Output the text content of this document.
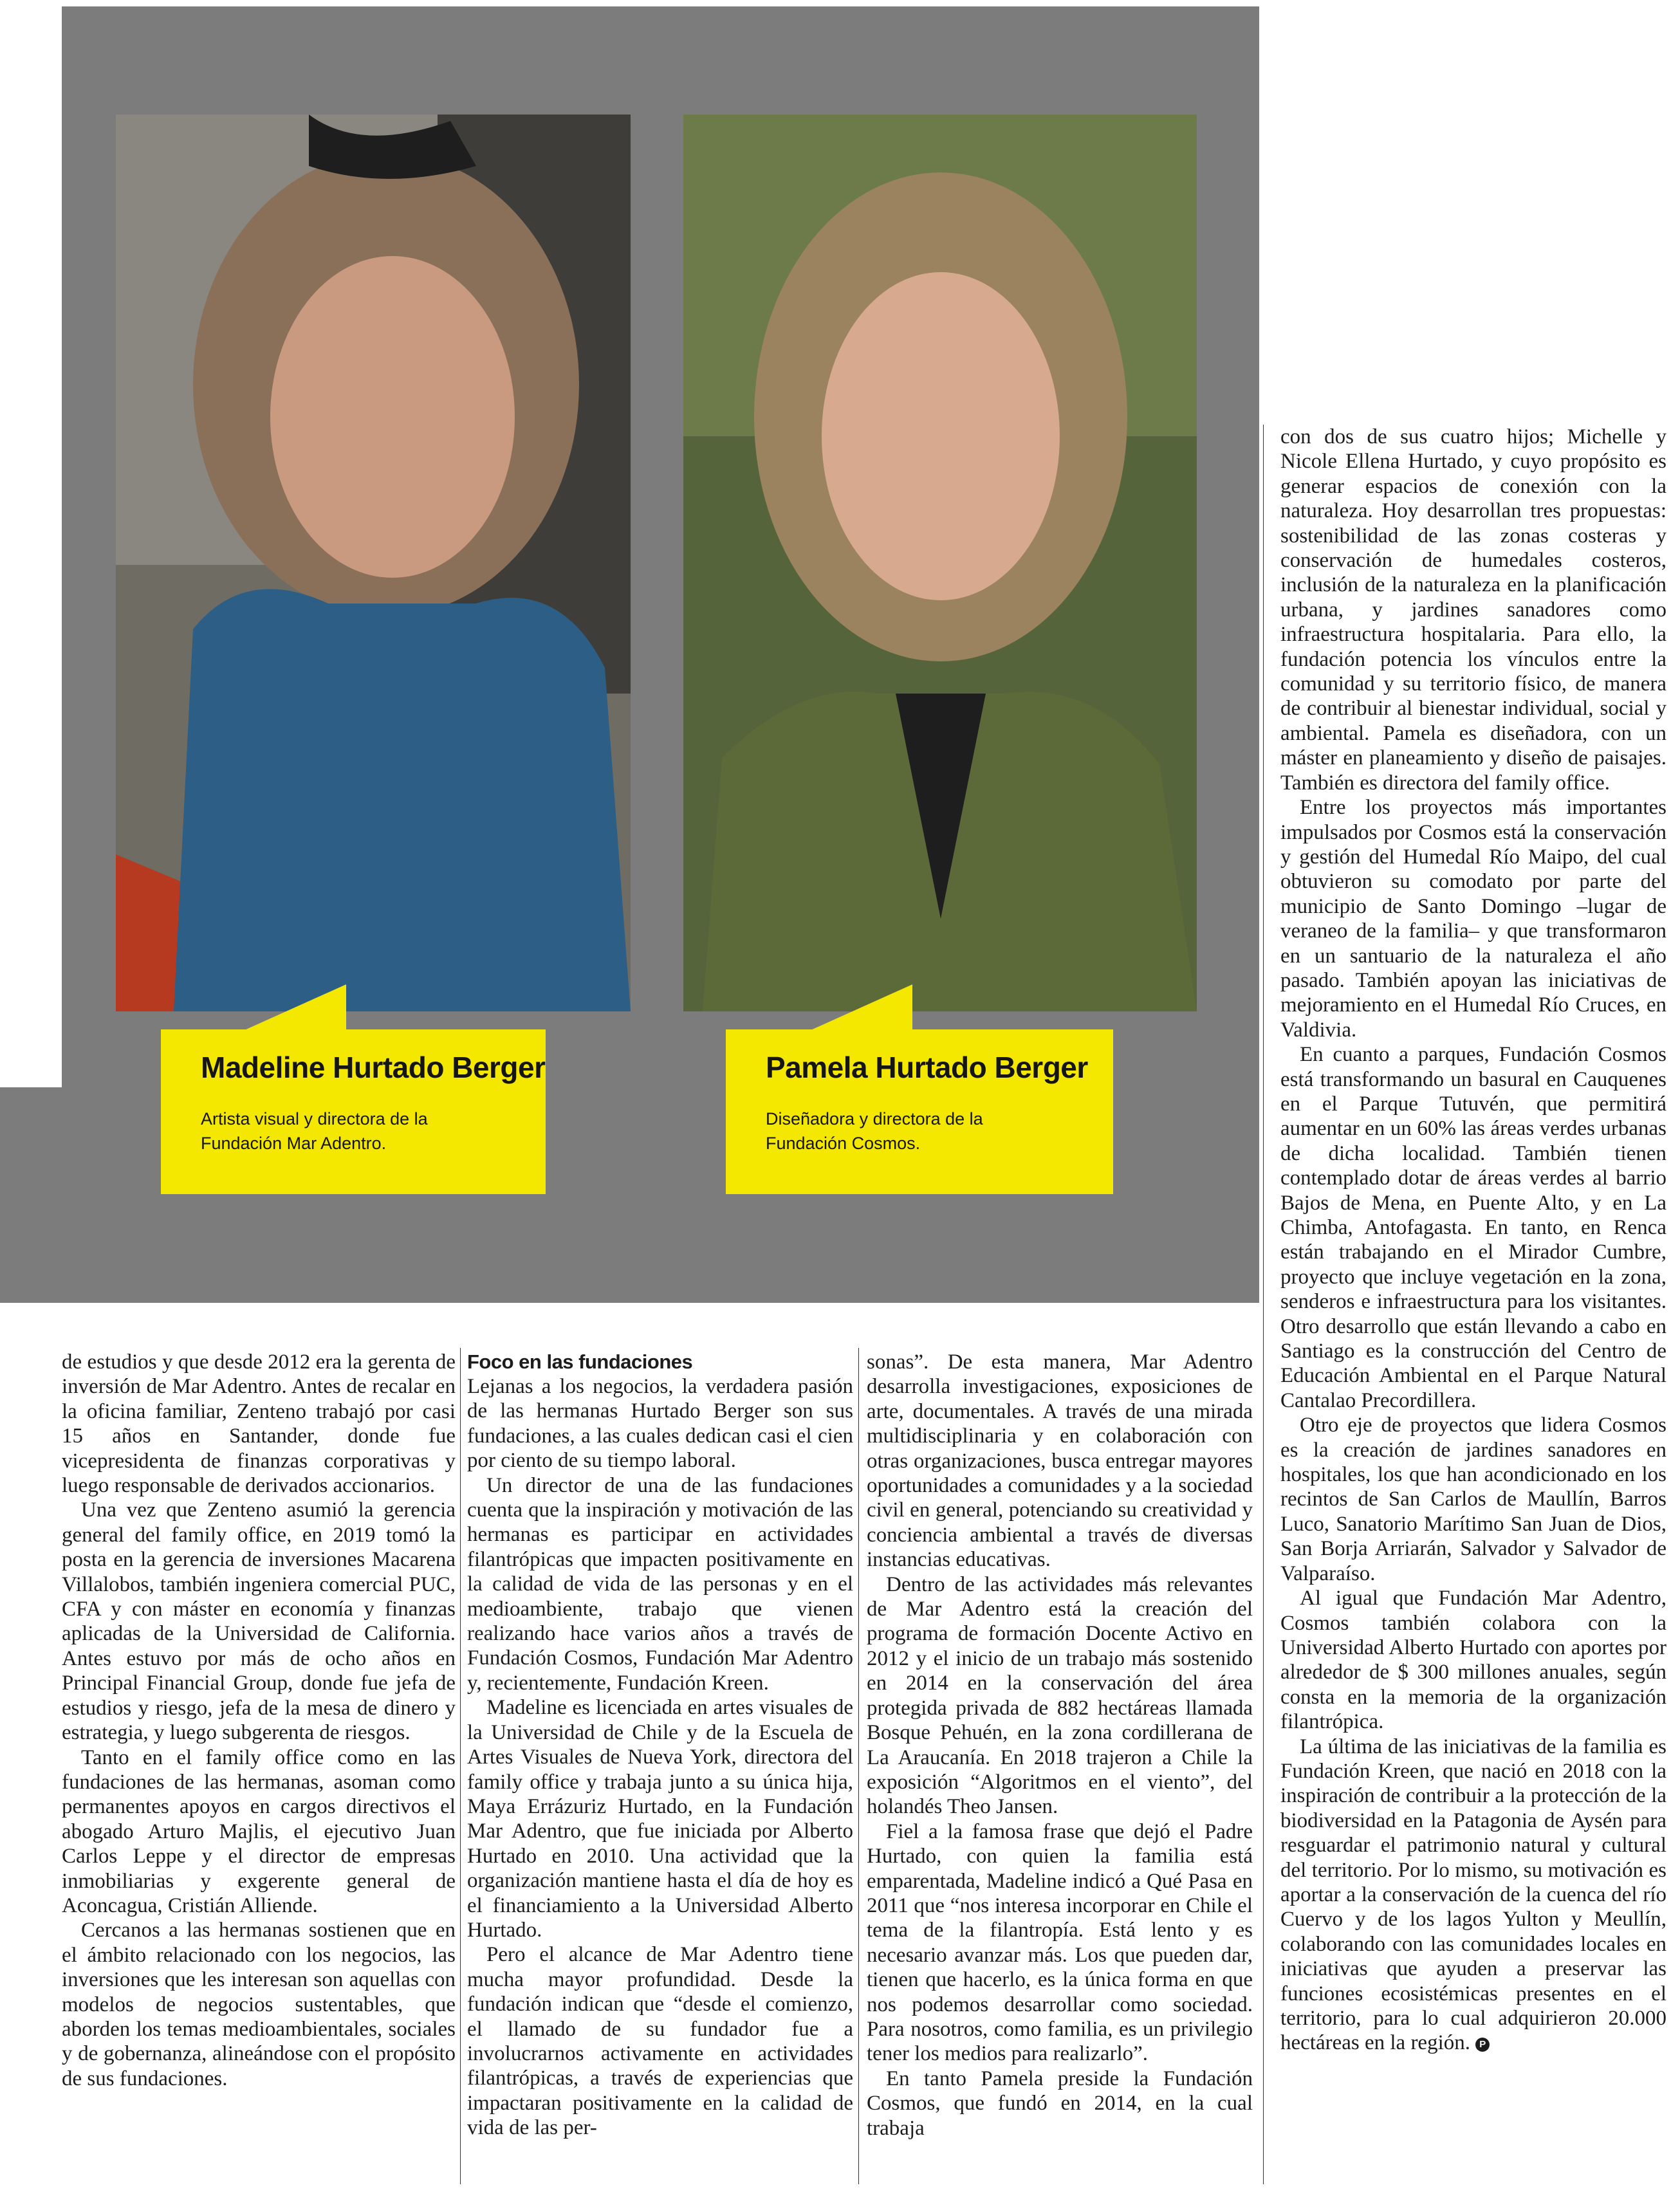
Madeline Hurtado Berger
Artista visual y directora de la Fundación Mar Adentro.
Pamela Hurtado Berger
Diseñadora y directora de la Fundación Cosmos.

de estudios y que desde 2012 era la gerenta de inversión de Mar Adentro. Antes de recalar en la oficina familiar, Zenteno trabajó por casi 15 años en Santander, donde fue vicepresidenta de finanzas corporativas y luego responsable de derivados accionarios.

Una vez que Zenteno asumió la gerencia general del family office, en 2019 tomó la posta en la gerencia de inversiones Macarena Villalobos, también ingeniera comercial PUC, CFA y con máster en economía y finanzas aplicadas de la Universidad de California. Antes estuvo por más de ocho años en Principal Financial Group, donde fue jefa de estudios y riesgo, jefa de la mesa de dinero y estrategia, y luego subgerenta de riesgos.

Tanto en el family office como en las fundaciones de las hermanas, asoman como permanentes apoyos en cargos directivos el abogado Arturo Majlis, el ejecutivo Juan Carlos Leppe y el director de empresas inmobiliarias y exgerente general de Aconcagua, Cristián Alliende.

Cercanos a las hermanas sostienen que en el ámbito relacionado con los negocios, las inversiones que les interesan son aquellas con modelos de negocios sustentables, que aborden los temas medioambientales, sociales y de gobernanza, alineándose con el propósito de sus fundaciones.

Foco en las fundaciones

Lejanas a los negocios, la verdadera pasión de las hermanas Hurtado Berger son sus fundaciones, a las cuales dedican casi el cien por ciento de su tiempo laboral.

Un director de una de las fundaciones cuenta que la inspiración y motivación de las hermanas es participar en actividades filantrópicas que impacten positivamente en la calidad de vida de las personas y en el medioambiente, trabajo que vienen realizando hace varios años a través de Fundación Cosmos, Fundación Mar Adentro y, recientemente, Fundación Kreen.

Madeline es licenciada en artes visuales de la Universidad de Chile y de la Escuela de Artes Visuales de Nueva York, directora del family office y trabaja junto a su única hija, Maya Errázuriz Hurtado, en la Fundación Mar Adentro, que fue iniciada por Alberto Hurtado en 2010. Una actividad que la organización mantiene hasta el día de hoy es el financiamiento a la Universidad Alberto Hurtado.

Pero el alcance de Mar Adentro tiene mucha mayor profundidad. Desde la fundación indican que “desde el comienzo, el llamado de su fundador fue a involucrarnos activamente en actividades filantrópicas, a través de experiencias que impactaran positivamente en la calidad de vida de las per-

sonas”. De esta manera, Mar Adentro desarrolla investigaciones, exposiciones de arte, documentales. A través de una mirada multidisciplinaria y en colaboración con otras organizaciones, busca entregar mayores oportunidades a comunidades y a la sociedad civil en general, potenciando su creatividad y conciencia ambiental a través de diversas instancias educativas.

Dentro de las actividades más relevantes de Mar Adentro está la creación del programa de formación Docente Activo en 2012 y el inicio de un trabajo más sostenido en 2014 en la conservación del área protegida privada de 882 hectáreas llamada Bosque Pehuén, en la zona cordillerana de La Araucanía. En 2018 trajeron a Chile la exposición “Algoritmos en el viento”, del holandés Theo Jansen.

Fiel a la famosa frase que dejó el Padre Hurtado, con quien la familia está emparentada, Madeline indicó a Qué Pasa en 2011 que “nos interesa incorporar en Chile el tema de la filantropía. Está lento y es necesario avanzar más. Los que pueden dar, tienen que hacerlo, es la única forma en que nos podemos desarrollar como sociedad. Para nosotros, como familia, es un privilegio tener los medios para realizarlo”.

En tanto Pamela preside la Fundación Cosmos, que fundó en 2014, en la cual trabaja

con dos de sus cuatro hijos; Michelle y Nicole Ellena Hurtado, y cuyo propósito es generar espacios de conexión con la naturaleza. Hoy desarrollan tres propuestas: sostenibilidad de las zonas costeras y conservación de humedales costeros, inclusión de la naturaleza en la planificación urbana, y jardines sanadores como infraestructura hospitalaria. Para ello, la fundación potencia los vínculos entre la comunidad y su territorio físico, de manera de contribuir al bienestar individual, social y ambiental. Pamela es diseñadora, con un máster en planeamiento y diseño de paisajes. También es directora del family office.

Entre los proyectos más importantes impulsados por Cosmos está la conservación y gestión del Humedal Río Maipo, del cual obtuvieron su comodato por parte del municipio de Santo Domingo –lugar de veraneo de la familia– y que transformaron en un santuario de la naturaleza el año pasado. También apoyan las iniciativas de mejoramiento en el Humedal Río Cruces, en Valdivia.

En cuanto a parques, Fundación Cosmos está transformando un basural en Cauquenes en el Parque Tutuvén, que permitirá aumentar en un 60% las áreas verdes urbanas de dicha localidad. También tienen contemplado dotar de áreas verdes al barrio Bajos de Mena, en Puente Alto, y en La Chimba, Antofagasta. En tanto, en Renca están trabajando en el Mirador Cumbre, proyecto que incluye vegetación en la zona, senderos e infraestructura para los visitantes. Otro desarrollo que están llevando a cabo en Santiago es la construcción del Centro de Educación Ambiental en el Parque Natural Cantalao Precordillera.

Otro eje de proyectos que lidera Cosmos es la creación de jardines sanadores en hospitales, los que han acondicionado en los recintos de San Carlos de Maullín, Barros Luco, Sanatorio Marítimo San Juan de Dios, San Borja Arriarán, Salvador y Salvador de Valparaíso.

Al igual que Fundación Mar Adentro, Cosmos también colabora con la Universidad Alberto Hurtado con aportes por alrededor de $ 300 millones anuales, según consta en la memoria de la organización filantrópica.

La última de las iniciativas de la familia es Fundación Kreen, que nació en 2018 con la inspiración de contribuir a la protección de la biodiversidad en la Patagonia de Aysén para resguardar el patrimonio natural y cultural del territorio. Por lo mismo, su motivación es aportar a la conservación de la cuenca del río Cuervo y de los lagos Yulton y Meullín, colaborando con las comunidades locales en iniciativas que ayuden a preservar las funciones ecosistémicas presentes en el territorio, para lo cual adquirieron 20.000 hectáreas en la región. P
